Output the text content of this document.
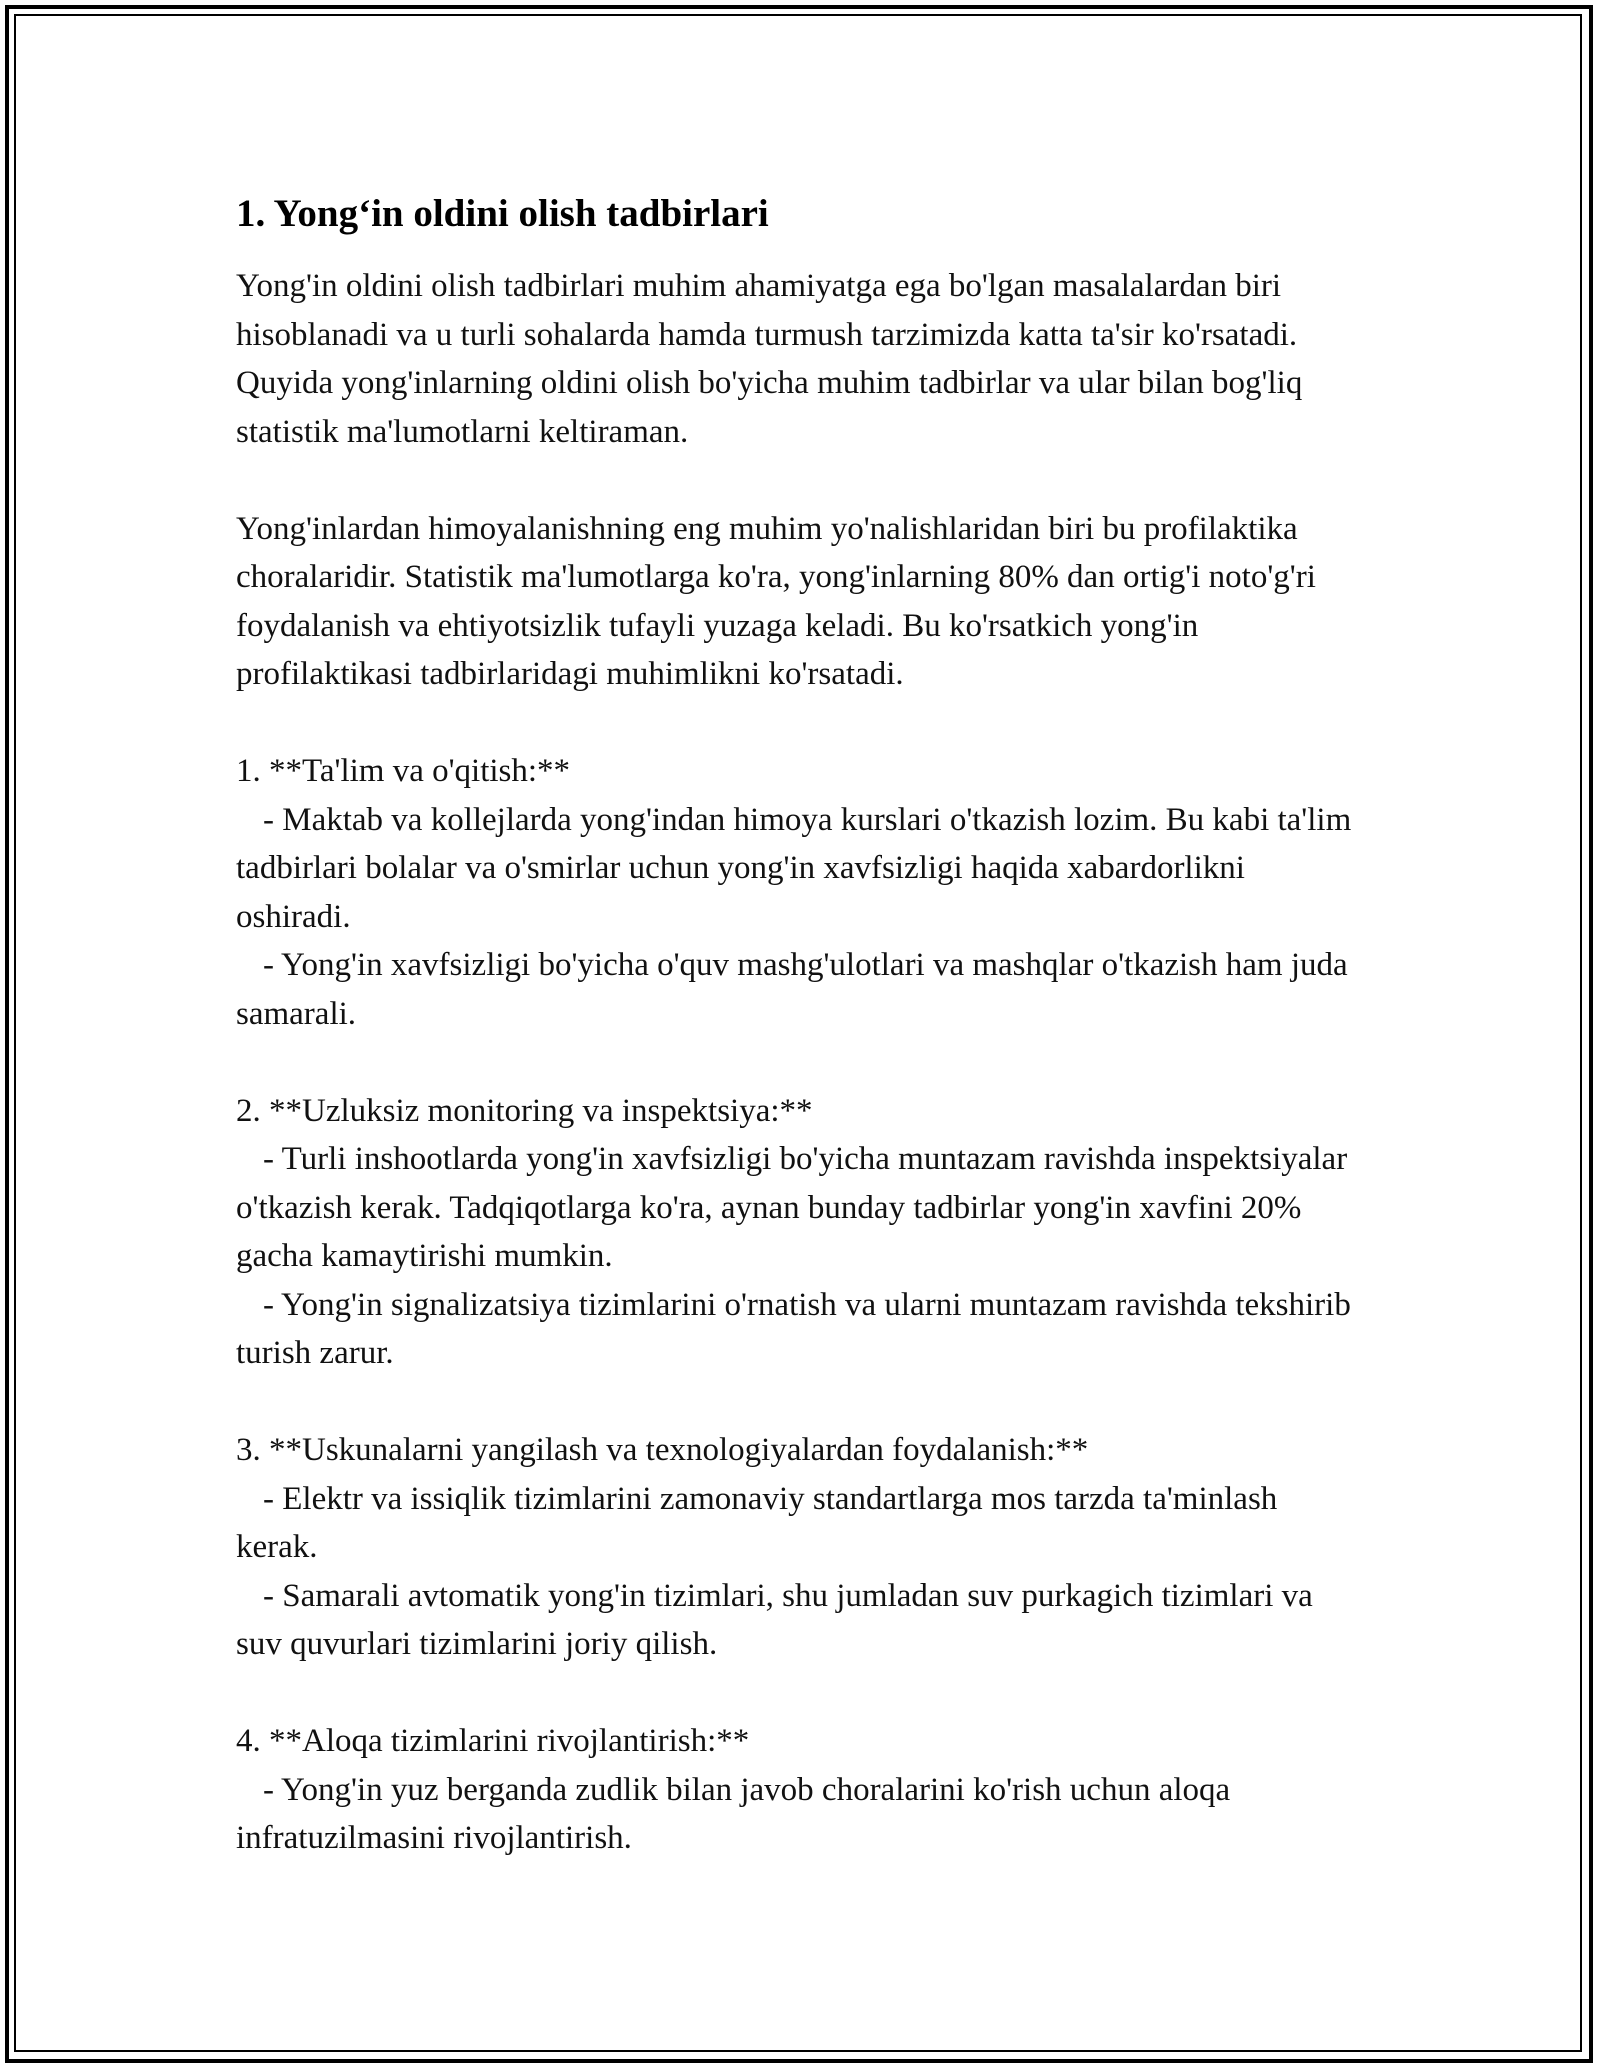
1. Yong‘in oldini olish tadbirlari

Yong'in oldini olish tadbirlari muhim ahamiyatga ega bo'lgan masalalardan biri hisoblanadi va u turli sohalarda hamda turmush tarzimizda katta ta'sir ko'rsatadi. Quyida yong'inlarning oldini olish bo'yicha muhim tadbirlar va ular bilan bog'liq statistik ma'lumotlarni keltiraman.

Yong'inlardan himoyalanishning eng muhim yo'nalishlaridan biri bu profilaktika choralaridir. Statistik ma'lumotlarga ko'ra, yong'inlarning 80% dan ortig'i noto'g'ri foydalanish va ehtiyotsizlik tufayli yuzaga keladi. Bu ko'rsatkich yong'in profilaktikasi tadbirlaridagi muhimlikni ko'rsatadi.

1. **Ta'lim va o'qitish:**

- Maktab va kollejlarda yong'indan himoya kurslari o'tkazish lozim. Bu kabi ta'lim tadbirlari bolalar va o'smirlar uchun yong'in xavfsizligi haqida xabardorlikni oshiradi.

- Yong'in xavfsizligi bo'yicha o'quv mashg'ulotlari va mashqlar o'tkazish ham juda samarali.

2. **Uzluksiz monitoring va inspektsiya:**

- Turli inshootlarda yong'in xavfsizligi bo'yicha muntazam ravishda inspektsiyalar o'tkazish kerak. Tadqiqotlarga ko'ra, aynan bunday tadbirlar yong'in xavfini 20% gacha kamaytirishi mumkin.

- Yong'in signalizatsiya tizimlarini o'rnatish va ularni muntazam ravishda tekshirib turish zarur.

3. **Uskunalarni yangilash va texnologiyalardan foydalanish:**

- Elektr va issiqlik tizimlarini zamonaviy standartlarga mos tarzda ta'minlash kerak.

- Samarali avtomatik yong'in tizimlari, shu jumladan suv purkagich tizimlari va suv quvurlari tizimlarini joriy qilish.

4. **Aloqa tizimlarini rivojlantirish:**

- Yong'in yuz berganda zudlik bilan javob choralarini ko'rish uchun aloqa infratuzilmasini rivojlantirish.
